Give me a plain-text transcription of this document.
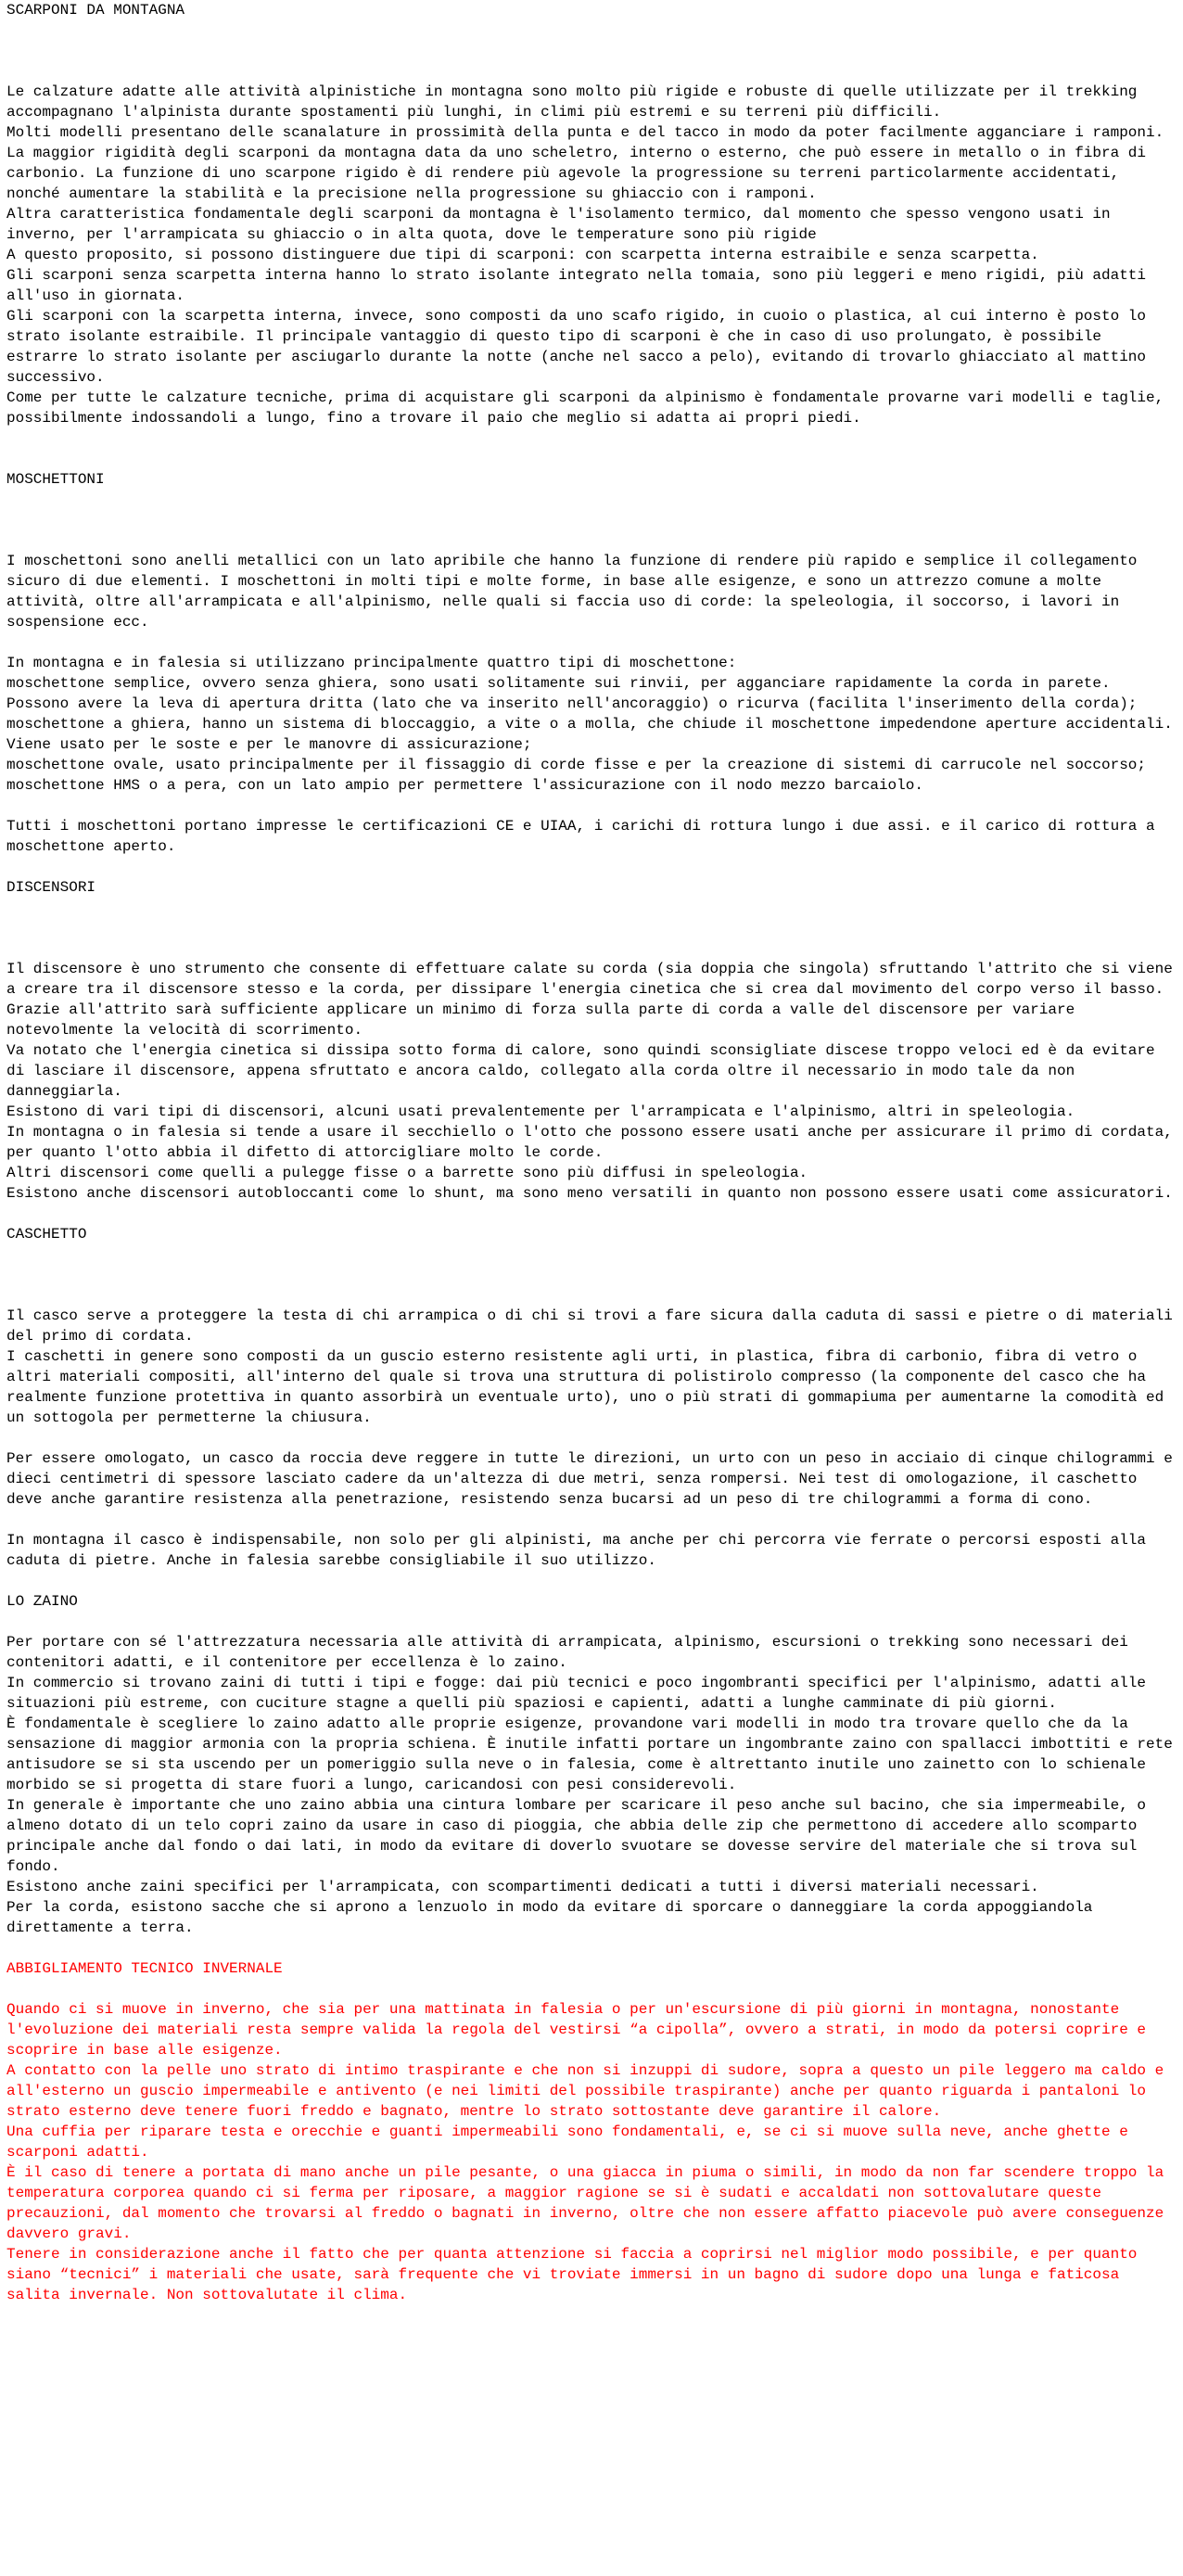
SCARPONI DA MONTAGNA

Le calzature adatte alle attività alpinistiche in montagna sono molto più rigide e robuste di quelle utilizzate per il trekking accompagnano l'alpinista durante spostamenti più lunghi, in climi più estremi e su terreni più difficili.

Molti modelli presentano delle scanalature in prossimità della punta e del tacco in modo da poter facilmente agganciare i ramponi.

La maggior rigidità degli scarponi da montagna data da uno scheletro, interno o esterno, che può essere in metallo o in fibra di carbonio. La funzione di uno scarpone rigido è di rendere più agevole la progressione su terreni particolarmente accidentati, nonché aumentare la stabilità e la precisione nella progressione su ghiaccio con i ramponi.

Altra caratteristica fondamentale degli scarponi da montagna è l'isolamento termico, dal momento che spesso vengono usati in inverno, per l'arrampicata su ghiaccio o in alta quota, dove le temperature sono più rigide

A questo proposito, si possono distinguere due tipi di scarponi: con scarpetta interna estraibile e senza scarpetta.

Gli scarponi senza scarpetta interna hanno lo strato isolante integrato nella tomaia, sono più leggeri e meno rigidi, più adatti all'uso in giornata.

Gli scarponi con la scarpetta interna, invece, sono composti da uno scafo rigido, in cuoio o plastica, al cui interno è posto lo strato isolante estraibile. Il principale vantaggio di questo tipo di scarponi è che in caso di uso prolungato, è possibile estrarre lo strato isolante per asciugarlo durante la notte (anche nel sacco a pelo), evitando di trovarlo ghiacciato al mattino successivo.

Come per tutte le calzature tecniche, prima di acquistare gli scarponi da alpinismo è fondamentale provarne vari modelli e taglie, possibilmente indossandoli a lungo, fino a trovare il paio che meglio si adatta ai propri piedi.

MOSCHETTONI

I moschettoni sono anelli metallici con un lato apribile che hanno la funzione di rendere più rapido e semplice il collegamento sicuro di due elementi. I moschettoni in molti tipi e molte forme, in base alle esigenze, e sono un attrezzo comune a molte attività, oltre all'arrampicata e all'alpinismo, nelle quali si faccia uso di corde: la speleologia, il soccorso, i lavori in sospensione ecc.

In montagna e in falesia si utilizzano principalmente quattro tipi di moschettone:

moschettone semplice, ovvero senza ghiera, sono usati solitamente sui rinvii, per agganciare rapidamente la corda in parete. Possono avere la leva di apertura dritta (lato che va inserito nell'ancoraggio) o ricurva (facilita l'inserimento della corda);

moschettone a ghiera, hanno un sistema di bloccaggio, a vite o a molla, che chiude il moschettone impedendone aperture accidentali. Viene usato per le soste e per le manovre di assicurazione;

moschettone ovale, usato principalmente per il fissaggio di corde fisse e per la creazione di sistemi di carrucole nel soccorso;

moschettone HMS o a pera, con un lato ampio per permettere l'assicurazione con il nodo mezzo barcaiolo.

Tutti i moschettoni portano impresse le certificazioni CE e UIAA, i carichi di rottura lungo i due assi. e il carico di rottura a moschettone aperto.

DISCENSORI

Il discensore è uno strumento che consente di effettuare calate su corda (sia doppia che singola) sfruttando l'attrito che si viene a creare tra il discensore stesso e la corda, per dissipare l'energia cinetica che si crea dal movimento del corpo verso il basso. Grazie all'attrito sarà sufficiente applicare un minimo di forza sulla parte di corda a valle del discensore per variare notevolmente la velocità di scorrimento.

Va notato che l'energia cinetica si dissipa sotto forma di calore, sono quindi sconsigliate discese troppo veloci ed è da evitare di lasciare il discensore, appena sfruttato e ancora caldo, collegato alla corda oltre il necessario in modo tale da non danneggiarla.

Esistono di vari tipi di discensori, alcuni usati prevalentemente per l'arrampicata e l'alpinismo, altri in speleologia.

In montagna o in falesia si tende a usare il secchiello o l'otto che possono essere usati anche per assicurare il primo di cordata, per quanto l'otto abbia il difetto di attorcigliare molto le corde.

Altri discensori come quelli a pulegge fisse o a barrette sono più diffusi in speleologia.

Esistono anche discensori autobloccanti come lo shunt, ma sono meno versatili in quanto non possono essere usati come assicuratori.

CASCHETTO

Il casco serve a proteggere la testa di chi arrampica o di chi si trovi a fare sicura dalla caduta di sassi e pietre o di materiali del primo di cordata.

I caschetti in genere sono composti da un guscio esterno resistente agli urti, in plastica, fibra di carbonio, fibra di vetro o altri materiali compositi, all'interno del quale si trova una struttura di polistirolo compresso (la componente del casco che ha realmente funzione protettiva in quanto assorbirà un eventuale urto), uno o più strati di gommapiuma per aumentarne la comodità ed un sottogola per permetterne la chiusura.

Per essere omologato, un casco da roccia deve reggere in tutte le direzioni, un urto con un peso in acciaio di cinque chilogrammi e dieci centimetri di spessore lasciato cadere da un'altezza di due metri, senza rompersi. Nei test di omologazione, il caschetto deve anche garantire resistenza alla penetrazione, resistendo senza bucarsi ad un peso di tre chilogrammi a forma di cono.

In montagna il casco è indispensabile, non solo per gli alpinisti, ma anche per chi percorra vie ferrate o percorsi esposti alla caduta di pietre. Anche in falesia sarebbe consigliabile il suo utilizzo.

LO ZAINO

Per portare con sé l'attrezzatura necessaria alle attività di arrampicata, alpinismo, escursioni o trekking sono necessari dei contenitori adatti, e il contenitore per eccellenza è lo zaino.

In commercio si trovano zaini di tutti i tipi e fogge: dai più tecnici e poco ingombranti specifici per l'alpinismo, adatti alle situazioni più estreme, con cuciture stagne a quelli più spaziosi e capienti, adatti a lunghe camminate di più giorni.

È fondamentale è scegliere lo zaino adatto alle proprie esigenze, provandone vari modelli in modo tra trovare quello che da la sensazione di maggior armonia con la propria schiena. È inutile infatti portare un ingombrante zaino con spallacci imbottiti e rete antisudore se si sta uscendo per un pomeriggio sulla neve o in falesia, come è altrettanto inutile uno zainetto con lo schienale morbido se si progetta di stare fuori a lungo, caricandosi con pesi considerevoli.

In generale è importante che uno zaino abbia una cintura lombare per scaricare il peso anche sul bacino, che sia impermeabile, o almeno dotato di un telo copri zaino da usare in caso di pioggia, che abbia delle zip che permettono di accedere allo scomparto principale anche dal fondo o dai lati, in modo da evitare di doverlo svuotare se dovesse servire del materiale che si trova sul fondo.

Esistono anche zaini specifici per l'arrampicata, con scompartimenti dedicati a tutti i diversi materiali necessari.

Per la corda, esistono sacche che si aprono a lenzuolo in modo da evitare di sporcare o danneggiare la corda appoggiandola direttamente a terra.

ABBIGLIAMENTO TECNICO INVERNALE

Quando ci si muove in inverno, che sia per una mattinata in falesia o per un'escursione di più giorni in montagna, nonostante l'evoluzione dei materiali resta sempre valida la regola del vestirsi “a cipolla”, ovvero a strati, in modo da potersi coprire e scoprire in base alle esigenze.

A contatto con la pelle uno strato di intimo traspirante e che non si inzuppi di sudore, sopra a questo un pile leggero ma caldo e all'esterno un guscio impermeabile e antivento (e nei limiti del possibile traspirante) anche per quanto riguarda i pantaloni lo strato esterno deve tenere fuori freddo e bagnato, mentre lo strato sottostante deve garantire il calore.

Una cuffia per riparare testa e orecchie e guanti impermeabili sono fondamentali, e, se ci si muove sulla neve, anche ghette e scarponi adatti.

È il caso di tenere a portata di mano anche un pile pesante, o una giacca in piuma o simili, in modo da non far scendere troppo la temperatura corporea quando ci si ferma per riposare, a maggior ragione se si è sudati e accaldati non sottovalutare queste precauzioni, dal momento che trovarsi al freddo o bagnati in inverno, oltre che non essere affatto piacevole può avere conseguenze davvero gravi.

Tenere in considerazione anche il fatto che per quanta attenzione si faccia a coprirsi nel miglior modo possibile, e per quanto siano “tecnici” i materiali che usate, sarà frequente che vi troviate immersi in un bagno di sudore dopo una lunga e faticosa salita invernale. Non sottovalutate il clima.
